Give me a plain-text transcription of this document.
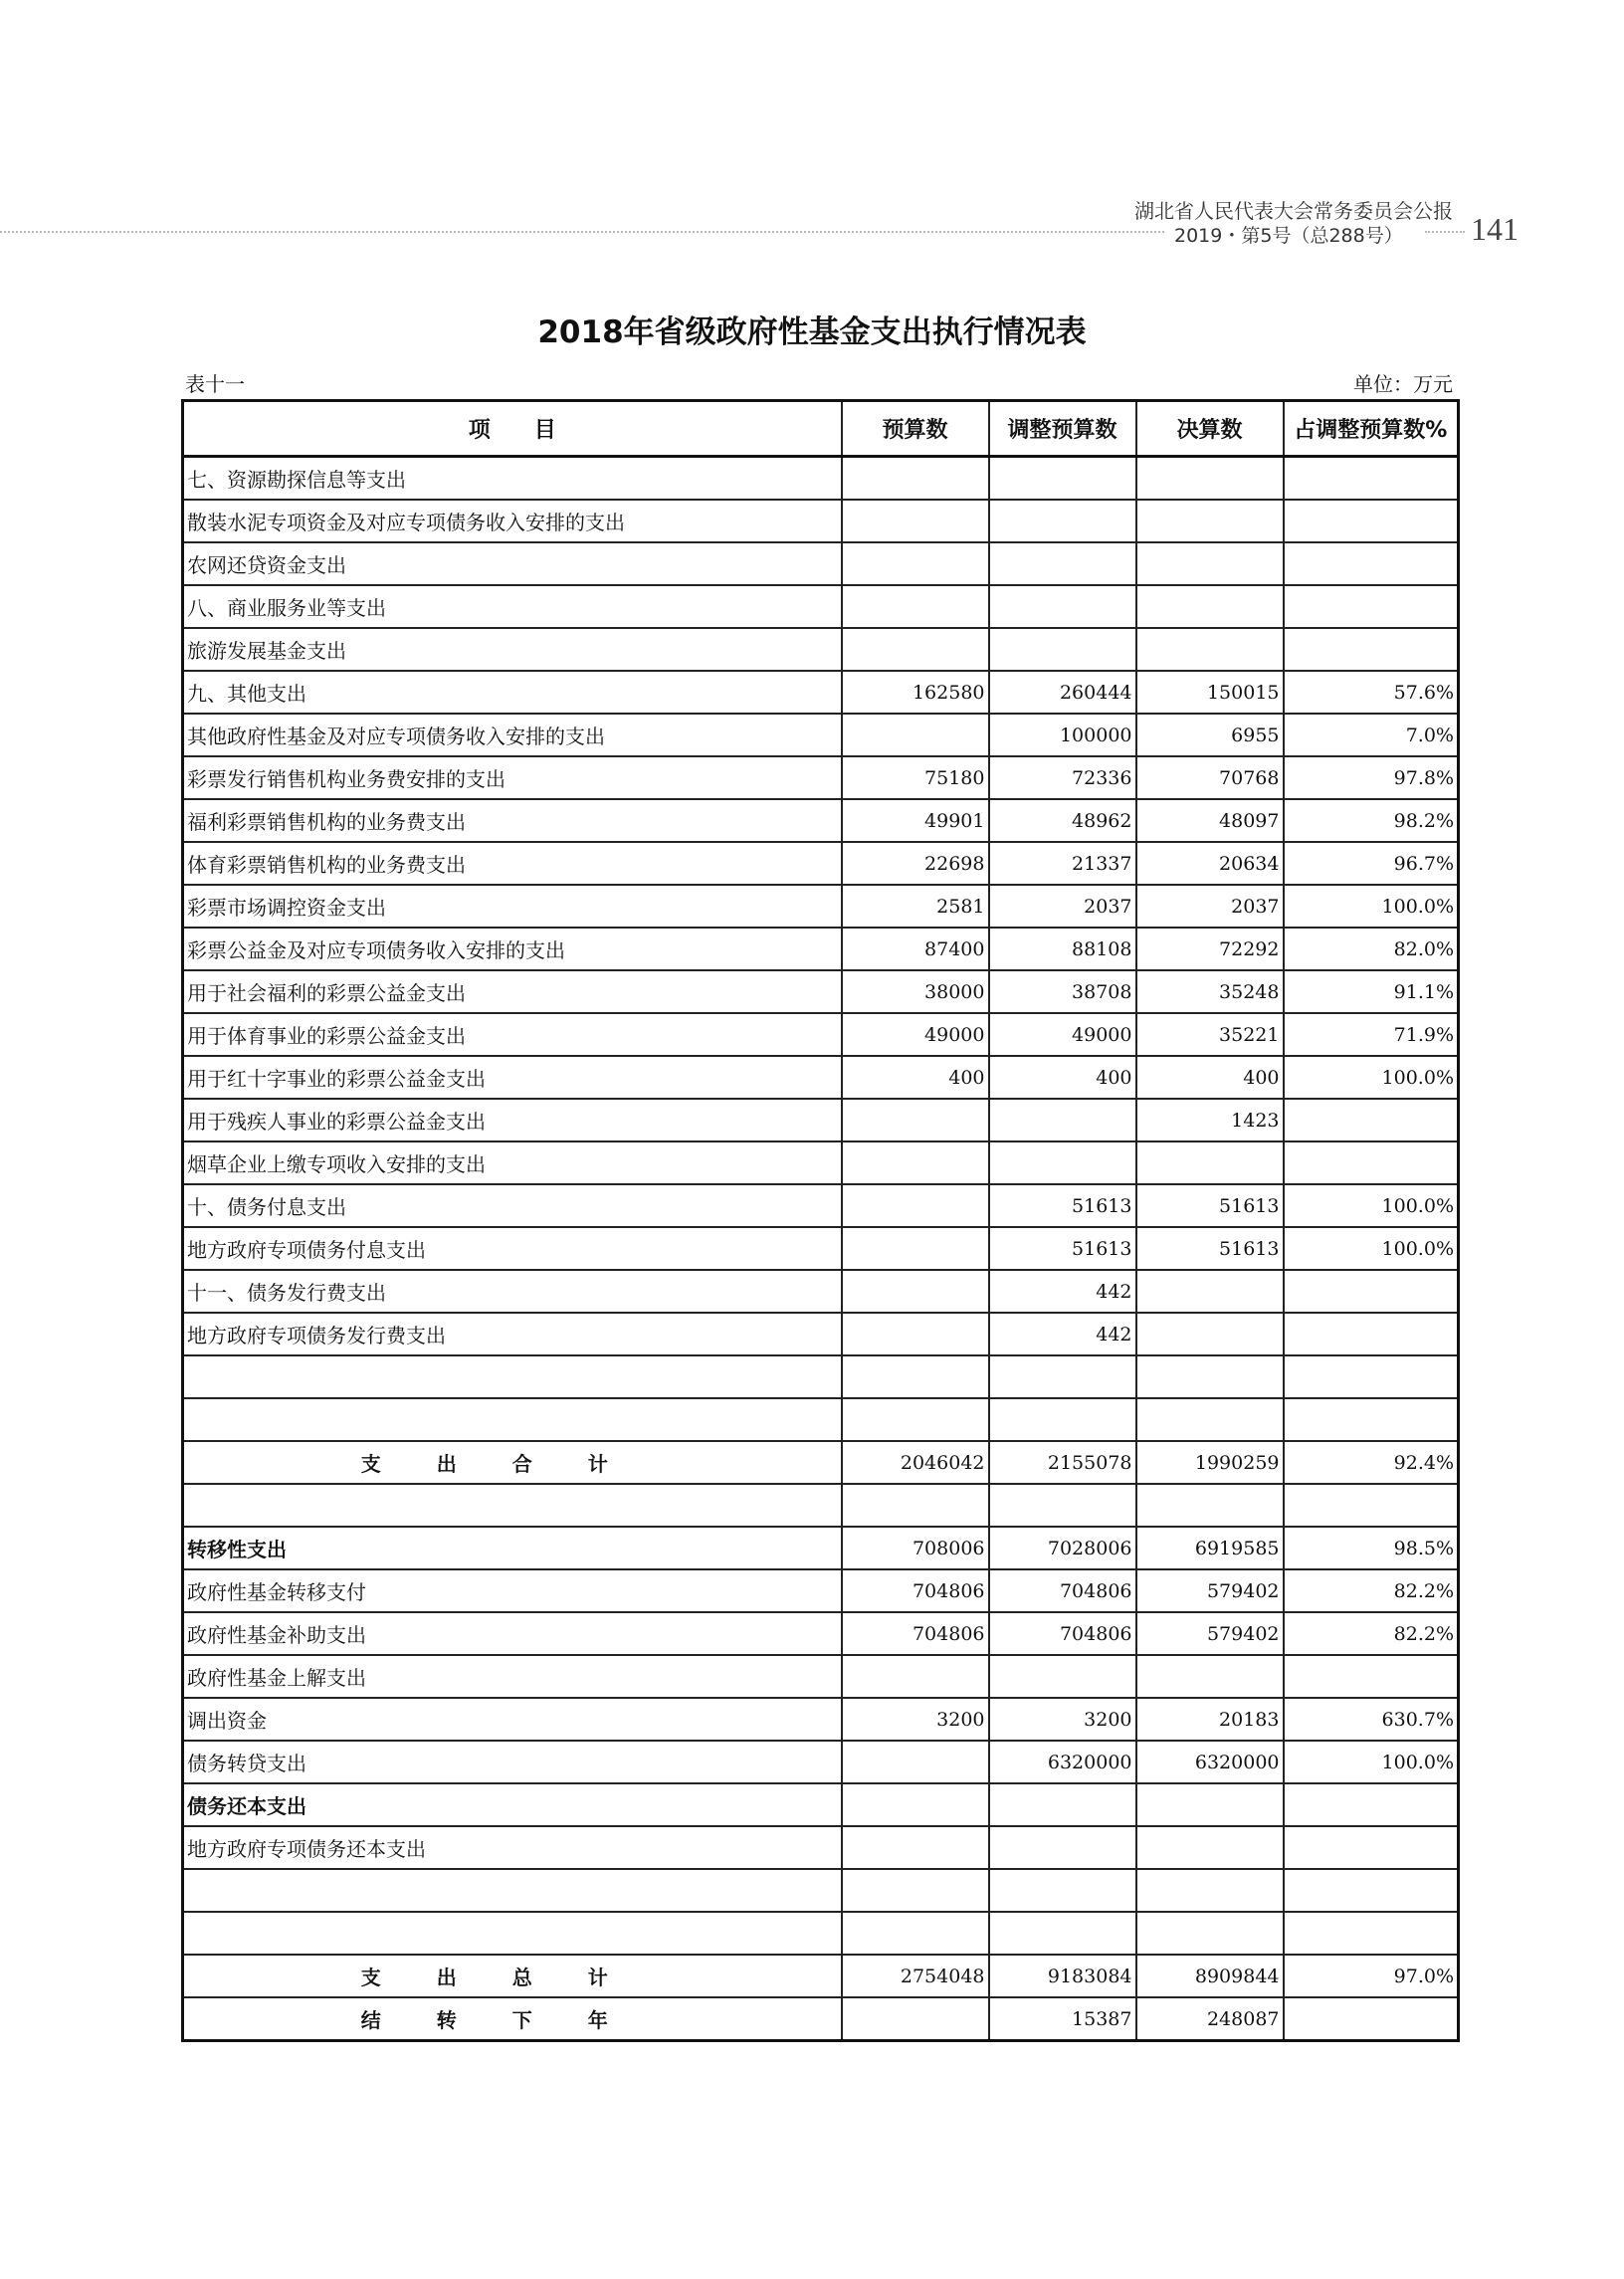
湖北省人民代表大会常务委员会公报
2019・第5号（总288号）	141
2018年省级政府性基金支出执行情况表
表十一	单位：万元
项　　目	预算数	调整预算数	决算数	占调整预算数%
七、资源勘探信息等支出				
散装水泥专项资金及对应专项债务收入安排的支出				
农网还贷资金支出				
八、商业服务业等支出				
旅游发展基金支出				
九、其他支出	162580	260444	150015	57.6%
其他政府性基金及对应专项债务收入安排的支出		100000	6955	7.0%
彩票发行销售机构业务费安排的支出	75180	72336	70768	97.8%
福利彩票销售机构的业务费支出	49901	48962	48097	98.2%
体育彩票销售机构的业务费支出	22698	21337	20634	96.7%
彩票市场调控资金支出	2581	2037	2037	100.0%
彩票公益金及对应专项债务收入安排的支出	87400	88108	72292	82.0%
用于社会福利的彩票公益金支出	38000	38708	35248	91.1%
用于体育事业的彩票公益金支出	49000	49000	35221	71.9%
用于红十字事业的彩票公益金支出	400	400	400	100.0%
用于残疾人事业的彩票公益金支出			1423	
烟草企业上缴专项收入安排的支出				
十、债务付息支出		51613	51613	100.0%
地方政府专项债务付息支出		51613	51613	100.0%
十一、债务发行费支出		442		
地方政府专项债务发行费支出		442		

支出合计	2046042	2155078	1990259	92.4%

转移性支出	708006	7028006	6919585	98.5%
政府性基金转移支付	704806	704806	579402	82.2%
政府性基金补助支出	704806	704806	579402	82.2%
政府性基金上解支出				
调出资金	3200	3200	20183	630.7%
债务转贷支出		6320000	6320000	100.0%
债务还本支出				
地方政府专项债务还本支出				

支出总计	2754048	9183084	8909844	97.0%
结转下年		15387	248087	
